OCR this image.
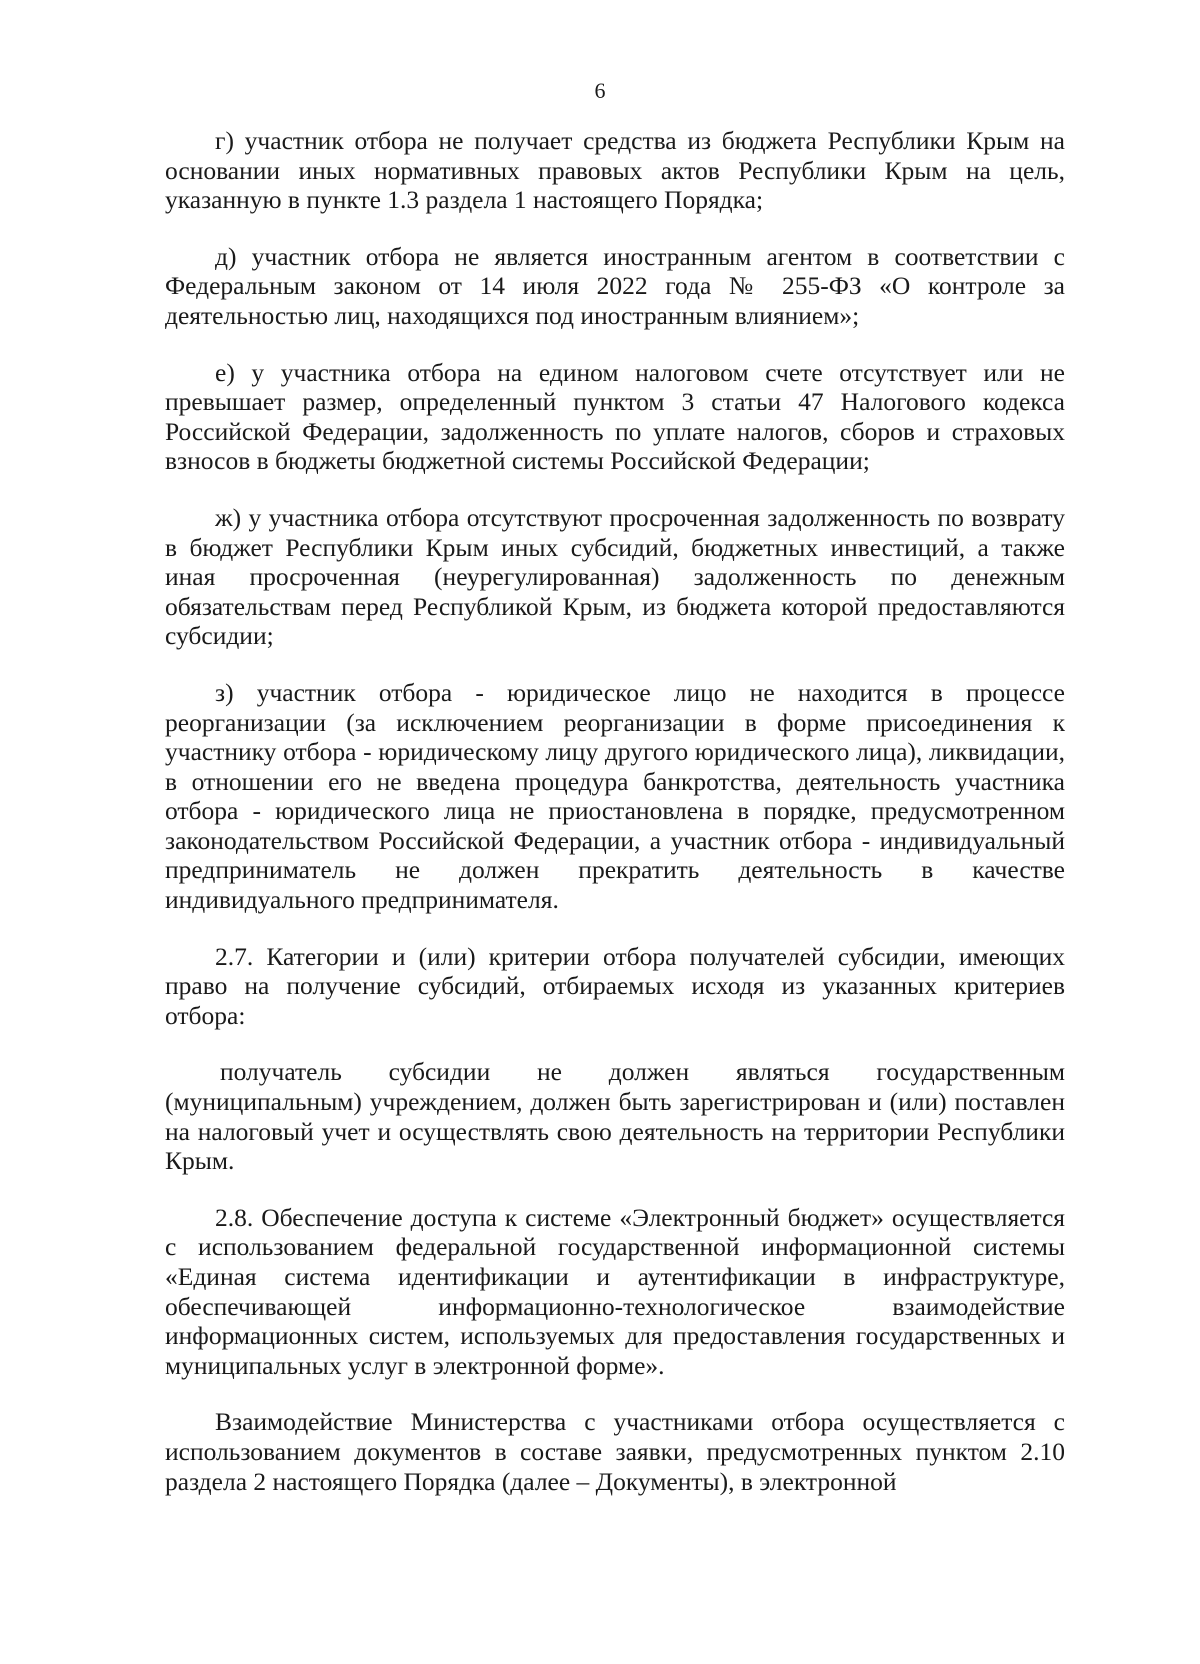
6

г) участник отбора не получает средства из бюджета Республики Крым на основании иных нормативных правовых актов Республики Крым на цель, указанную в пункте 1.3 раздела 1 настоящего Порядка;

д) участник отбора не является иностранным агентом в соответствии с Федеральным законом от 14 июля 2022 года № 255-ФЗ «О контроле за деятельностью лиц, находящихся под иностранным влиянием»;

е) у участника отбора на едином налоговом счете отсутствует или не превышает размер, определенный пунктом 3 статьи 47 Налогового кодекса Российской Федерации, задолженность по уплате налогов, сборов и страховых взносов в бюджеты бюджетной системы Российской Федерации;

ж) у участника отбора отсутствуют просроченная задолженность по возврату в бюджет Республики Крым иных субсидий, бюджетных инвестиций, а также иная просроченная (неурегулированная) задолженность по денежным обязательствам перед Республикой Крым, из бюджета которой предоставляются субсидии;

з) участник отбора - юридическое лицо не находится в процессе реорганизации (за исключением реорганизации в форме присоединения к участнику отбора - юридическому лицу другого юридического лица), ликвидации, в отношении его не введена процедура банкротства, деятельность участника отбора - юридического лица не приостановлена в порядке, предусмотренном законодательством Российской Федерации, а участник отбора - индивидуальный предприниматель не должен прекратить деятельность в качестве индивидуального предпринимателя.

2.7. Категории и (или) критерии отбора получателей субсидии, имеющих право на получение субсидий, отбираемых исходя из указанных критериев отбора:

получатель субсидии не должен являться государственным (муниципальным) учреждением, должен быть зарегистрирован и (или) поставлен на налоговый учет и осуществлять свою деятельность на территории Республики Крым.

2.8. Обеспечение доступа к системе «Электронный бюджет» осуществляется с использованием федеральной государственной информационной системы «Единая система идентификации и аутентификации в инфраструктуре, обеспечивающей информационно-технологическое взаимодействие информационных систем, используемых для предоставления государственных и муниципальных услуг в электронной форме».

Взаимодействие Министерства с участниками отбора осуществляется с использованием документов в составе заявки, предусмотренных пунктом 2.10 раздела 2 настоящего Порядка (далее – Документы), в электронной
